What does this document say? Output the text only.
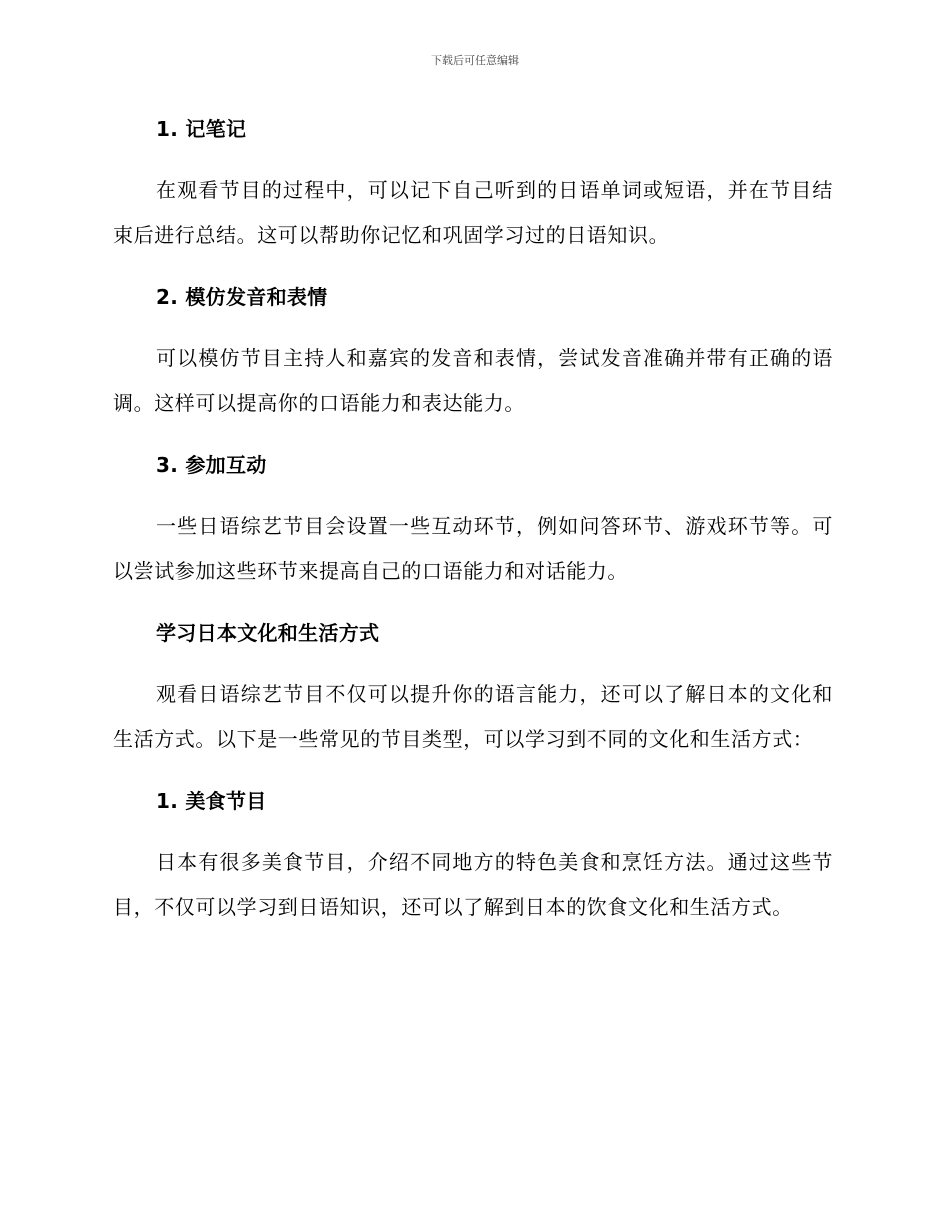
下载后可任意编辑
1. 记笔记
在观看节目的过程中，可以记下自己听到的日语单词或短语，并在节目结束后进行总结。这可以帮助你记忆和巩固学习过的日语知识。
2. 模仿发音和表情
可以模仿节目主持人和嘉宾的发音和表情，尝试发音准确并带有正确的语调。这样可以提高你的口语能力和表达能力。
3. 参加互动
一些日语综艺节目会设置一些互动环节，例如问答环节、游戏环节等。可以尝试参加这些环节来提高自己的口语能力和对话能力。
学习日本文化和生活方式
观看日语综艺节目不仅可以提升你的语言能力，还可以了解日本的文化和生活方式。以下是一些常见的节目类型，可以学习到不同的文化和生活方式：
1. 美食节目
日本有很多美食节目，介绍不同地方的特色美食和烹饪方法。通过这些节目，不仅可以学习到日语知识，还可以了解到日本的饮食文化和生活方式。
